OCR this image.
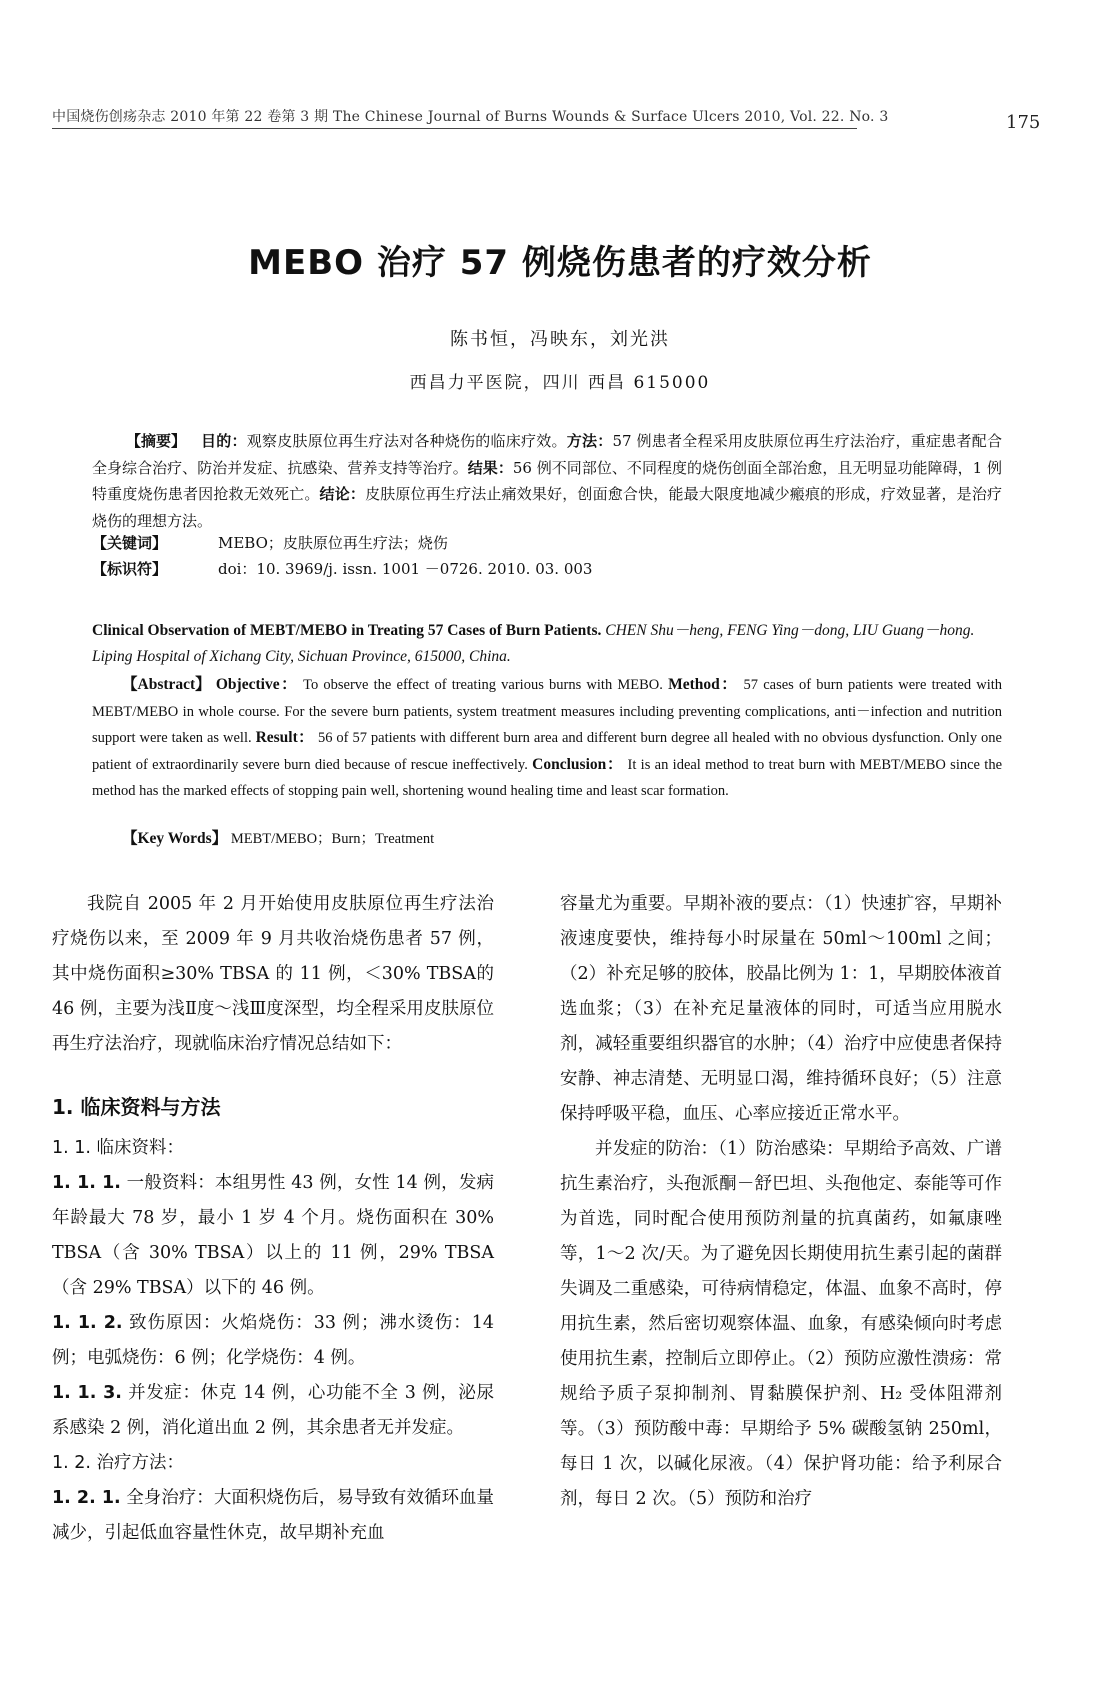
中国烧伤创疡杂志 2010 年第 22 卷第 3 期 The Chinese Journal of Burns Wounds & Surface Ulcers 2010, Vol. 22. No. 3	175
MEBO 治疗 57 例烧伤患者的疗效分析
陈书恒，冯映东，刘光洪
西昌力平医院，四川 西昌 615000
【摘要】 目的：观察皮肤原位再生疗法对各种烧伤的临床疗效。方法：57 例患者全程采用皮肤原位再生疗法治疗，重症患者配合全身综合治疗、防治并发症、抗感染、营养支持等治疗。结果：56 例不同部位、不同程度的烧伤创面全部治愈，且无明显功能障碍，1 例特重度烧伤患者因抢救无效死亡。结论：皮肤原位再生疗法止痛效果好，创面愈合快，能最大限度地减少瘢痕的形成，疗效显著，是治疗烧伤的理想方法。
【关键词】	MEBO；皮肤原位再生疗法；烧伤
【标识符】	doi：10. 3969/j. issn. 1001 －0726. 2010. 03. 003
Clinical Observation of MEBT/MEBO in Treating 57 Cases of Burn Patients. CHEN Shu－heng, FENG Ying－dong, LIU Guang－hong. Liping Hospital of Xichang City, Sichuan Province, 615000, China.
【Abstract】 Objective： To observe the effect of treating various burns with MEBO. Method： 57 cases of burn patients were treated with MEBT/MEBO in whole course. For the severe burn patients, system treatment measures including preventing complications, anti－infection and nutrition support were taken as well. Result： 56 of 57 patients with different burn area and different burn degree all healed with no obvious dysfunction. Only one patient of extraordinarily severe burn died because of rescue ineffectively. Conclusion： It is an ideal method to treat burn with MEBT/MEBO since the method has the marked effects of stopping pain well, shortening wound healing time and least scar formation.
【Key Words】 MEBT/MEBO；Burn；Treatment

我院自 2005 年 2 月开始使用皮肤原位再生疗法治疗烧伤以来，至 2009 年 9 月共收治烧伤患者 57 例，其中烧伤面积≥30% TBSA 的 11 例，＜30% TBSA的 46 例，主要为浅Ⅱ度～浅Ⅲ度深型，均全程采用皮肤原位再生疗法治疗，现就临床治疗情况总结如下：

1. 临床资料与方法
1. 1. 临床资料：

1. 1. 1. 一般资料：本组男性 43 例，女性 14 例，发病年龄最大 78 岁，最小 1 岁 4 个月。烧伤面积在 30% TBSA（含 30% TBSA）以上的 11 例，29% TBSA（含 29% TBSA）以下的 46 例。

1. 1. 2. 致伤原因：火焰烧伤：33 例；沸水烫伤：14 例；电弧烧伤：6 例；化学烧伤：4 例。

1. 1. 3. 并发症：休克 14 例，心功能不全 3 例，泌尿系感染 2 例，消化道出血 2 例，其余患者无并发症。

1. 2. 治疗方法：

1. 2. 1. 全身治疗：大面积烧伤后，易导致有效循环血量减少，引起低血容量性休克，故早期补充血

容量尤为重要。早期补液的要点：（1）快速扩容，早期补液速度要快，维持每小时尿量在 50ml～100ml 之间；（2）补充足够的胶体，胶晶比例为 1：1，早期胶体液首选血浆；（3）在补充足量液体的同时，可适当应用脱水剂，减轻重要组织器官的水肿；（4）治疗中应使患者保持安静、神志清楚、无明显口渴，维持循环良好；（5）注意保持呼吸平稳，血压、心率应接近正常水平。

并发症的防治：（1）防治感染：早期给予高效、广谱抗生素治疗，头孢派酮－舒巴坦、头孢他定、泰能等可作为首选，同时配合使用预防剂量的抗真菌药，如氟康唑等，1～2 次/天。为了避免因长期使用抗生素引起的菌群失调及二重感染，可待病情稳定，体温、血象不高时，停用抗生素，然后密切观察体温、血象，有感染倾向时考虑使用抗生素，控制后立即停止。（2）预防应激性溃疡：常规给予质子泵抑制剂、胃黏膜保护剂、H₂ 受体阻滞剂等。（3）预防酸中毒：早期给予 5% 碳酸氢钠 250ml，每日 1 次，以碱化尿液。（4）保护肾功能：给予利尿合剂，每日 2 次。（5）预防和治疗
